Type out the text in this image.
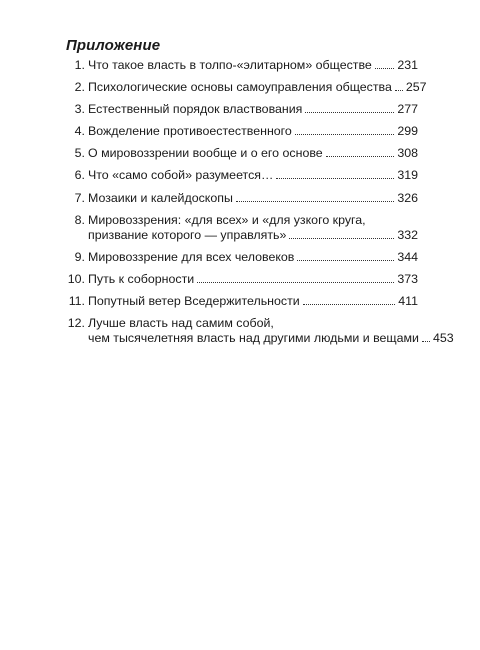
Приложение
1. Что такое власть в толпо-«элитарном» обществе 231
2. Психологические основы самоуправления общества 257
3. Естественный порядок властвования	277
4. Вожделение противоестественного	299
5. О мировоззрении вообще и о его основе	308
6. Что «само собой» разумеется…	319
7. Мозаики и калейдоскопы	326
8. Мировоззрения: «для всех» и «для узкого круга,
призвание которого — управлять»	332
9. Мировоззрение для всех человеков	344
10. Путь к соборности	373
11. Попутный ветер Вседержительности	411
12. Лучше власть над самим собой,
чем тысячелетняя власть над другими людьми и вещами 453
